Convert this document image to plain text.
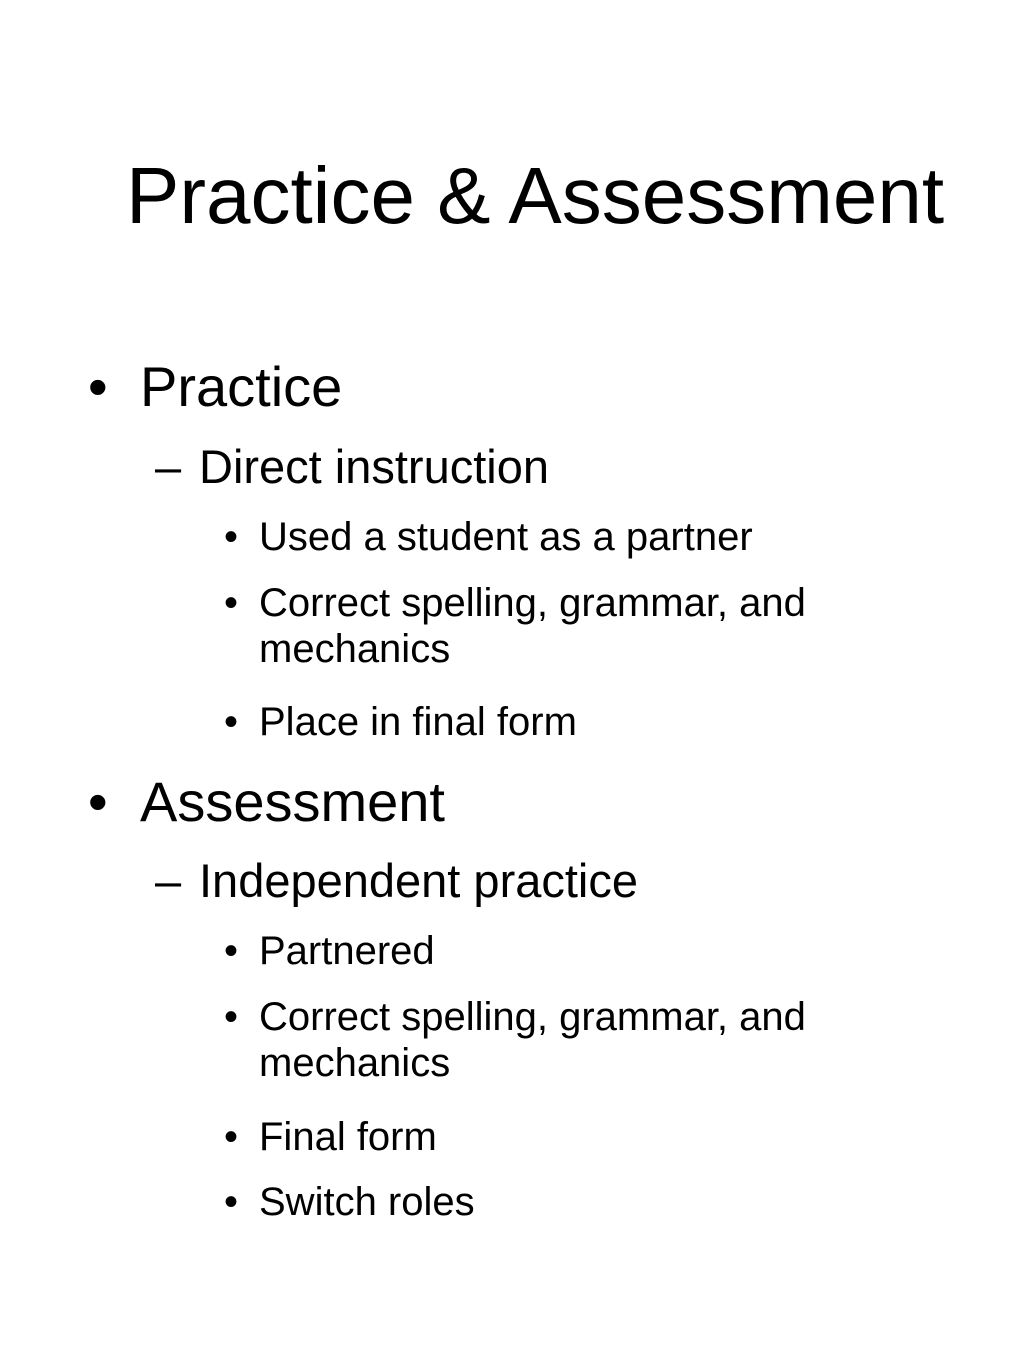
Practice & Assessment
• Practice
– Direct instruction
• Used a student as a partner
• Correct spelling, grammar, and mechanics
• Place in final form
• Assessment
– Independent practice
• Partnered
• Correct spelling, grammar, and mechanics
• Final form
• Switch roles
